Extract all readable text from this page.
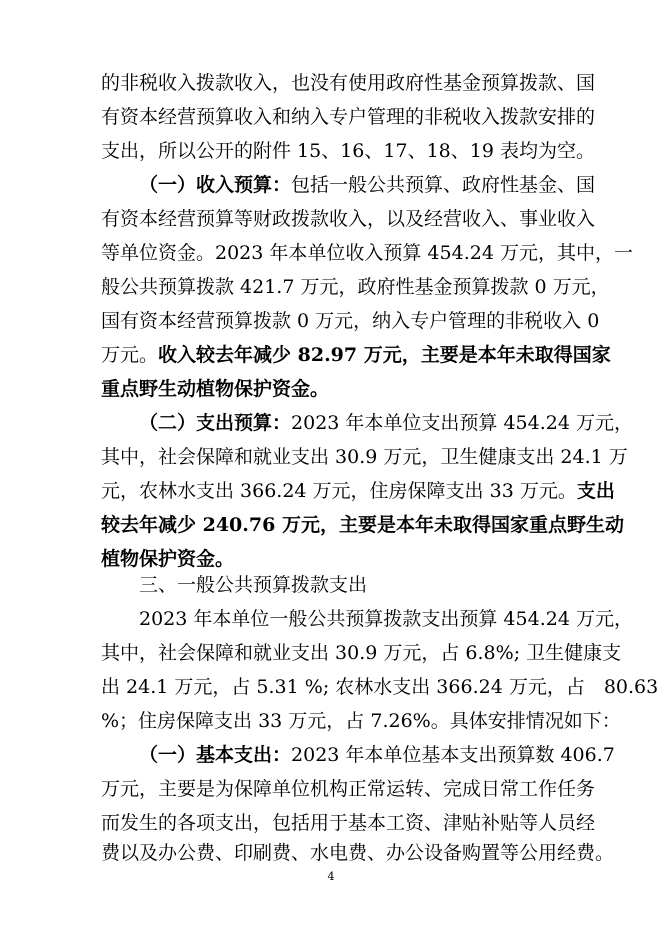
的非税收入拨款收入，也没有使用政府性基金预算拨款、国
有资本经营预算收入和纳入专户管理的非税收入拨款安排的
支出，所以公开的附件 15、16、17、18、19 表均为空。
（一）收入预算：包括一般公共预算、政府性基金、国
有资本经营预算等财政拨款收入，以及经营收入、事业收入
等单位资金。2023 年本单位收入预算 454.24 万元，其中，一
般公共预算拨款 421.7 万元，政府性基金预算拨款 0 万元，
国有资本经营预算拨款 0 万元，纳入专户管理的非税收入 0
万元。收入较去年减少 82.97 万元，主要是本年未取得国家
重点野生动植物保护资金。
（二）支出预算：2023 年本单位支出预算 454.24 万元，
其中，社会保障和就业支出 30.9 万元，卫生健康支出 24.1 万
元，农林水支出 366.24 万元，住房保障支出 33 万元。支出
较去年减少 240.76 万元，主要是本年未取得国家重点野生动
植物保护资金。
三、一般公共预算拨款支出
2023 年本单位一般公共预算拨款支出预算 454.24 万元，
其中，社会保障和就业支出 30.9 万元，占 6.8%; 卫生健康支
出 24.1 万元，占 5.31 %; 农林水支出 366.24 万元，占　80.63
%；住房保障支出 33 万元，占 7.26%。具体安排情况如下：
（一）基本支出：2023 年本单位基本支出预算数 406.7
万元，主要是为保障单位机构正常运转、完成日常工作任务
而发生的各项支出，包括用于基本工资、津贴补贴等人员经
费以及办公费、印刷费、水电费、办公设备购置等公用经费。
4
